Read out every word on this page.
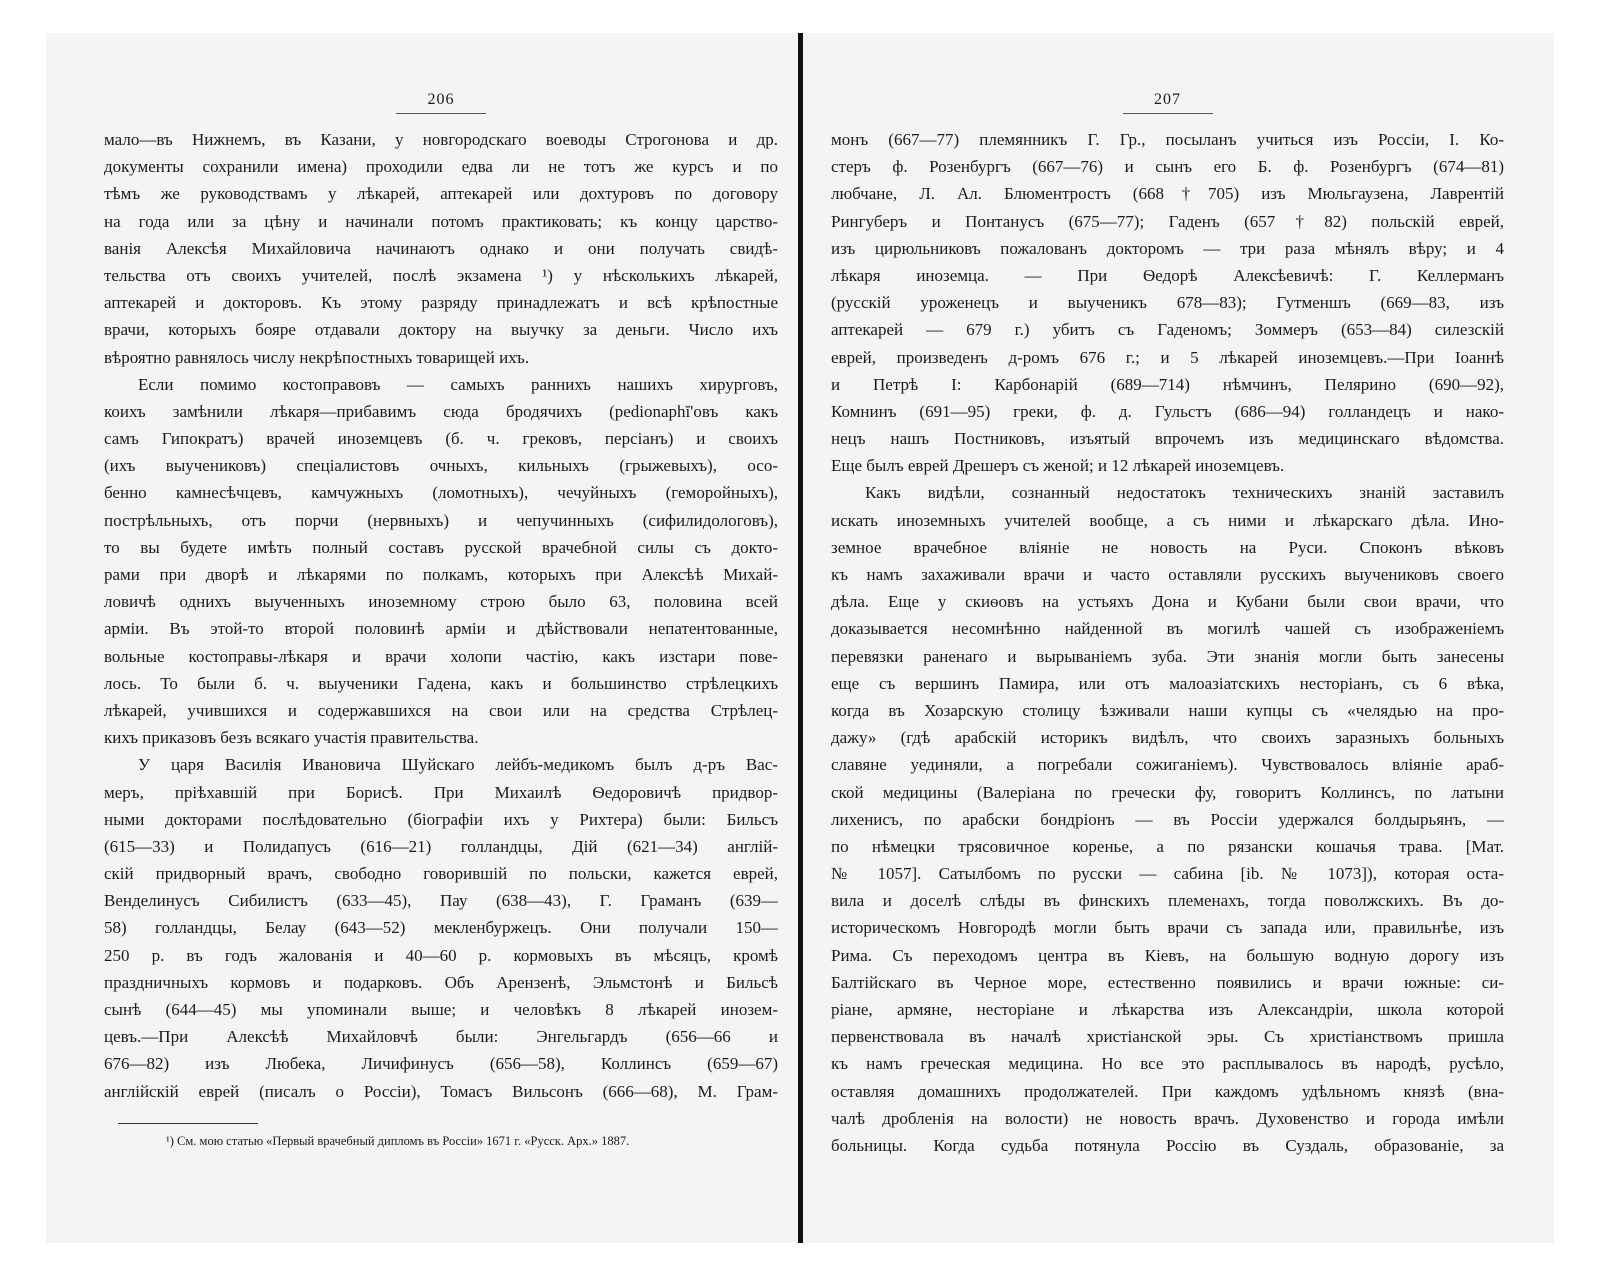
206
мало—въ Нижнемъ, въ Казани, у новгородскаго воеводы Строгонова и др.
документы сохранили имена) проходили едва ли не тотъ же курсъ и по
тѣмъ же руководствамъ у лѣкарей, аптекарей или дохтуровъ по договору
на года или за цѣну и начинали потомъ практиковать; къ концу царство-
ванія Алексѣя Михайловича начинаютъ однако и они получать свидѣ-
тельства отъ своихъ учителей, послѣ экзамена ¹) у нѣсколькихъ лѣкарей,
аптекарей и докторовъ. Къ этому разряду принадлежатъ и всѣ крѣпостные
врачи, которыхъ бояре отдавали доктору на выучку за деньги. Число ихъ
вѣроятно равнялось числу некрѣпостныхъ товарищей ихъ.
Если помимо костоправовъ — самыхъ раннихъ нашихъ хирурговъ,
коихъ замѣнили лѣкаря—прибавимъ сюда бродячихъ (pedionaphĭ'овъ какъ
самъ Гипократъ) врачей иноземцевъ (б. ч. грековъ, персіанъ) и своихъ
(ихъ выучениковъ) спеціалистовъ очныхъ, кильныхъ (грыжевыхъ), осо-
бенно камнесѣчцевъ, камчужныхъ (ломотныхъ), чечуйныхъ (геморойныхъ),
пострѣльныхъ, отъ порчи (нервныхъ) и чепучинныхъ (сифилидологовъ),
то вы будете имѣть полный составъ русской врачебной силы съ докто-
рами при дворѣ и лѣкарями по полкамъ, которыхъ при Алексѣѣ Михай-
ловичѣ однихъ выученныхъ иноземному строю было 63, половина всей
арміи. Въ этой-то второй половинѣ арміи и дѣйствовали непатентованные,
вольные костоправы-лѣкаря и врачи холопи частію, какъ изстари пове-
лось. То были б. ч. выученики Гадена, какъ и большинство стрѣлецкихъ
лѣкарей, учившихся и содержавшихся на свои или на средства Стрѣлец-
кихъ приказовъ безъ всякаго участія правительства.
У царя Василія Ивановича Шуйскаго лейбъ-медикомъ былъ д-ръ Вас-
меръ, пріѣхавшій при Борисѣ. При Михаилѣ Ѳедоровичѣ придвор-
ными докторами послѣдовательно (біографіи ихъ у Рихтера) были: Бильсъ
(615—33) и Полидапусъ (616—21) голландцы, Дій (621—34) англій-
скій придворный врачъ, свободно говорившій по польски, кажется еврей,
Венделинусъ Сибилистъ (633—45), Пау (638—43), Г. Граманъ (639—
58) голландцы, Белау (643—52) мекленбуржецъ. Они получали 150—
250 р. въ годъ жалованія и 40—60 р. кормовыхъ въ мѣсяцъ, кромѣ
праздничныхъ кормовъ и подарковъ. Объ Арензенѣ, Эльмстонѣ и Бильсѣ
сынѣ (644—45) мы упоминали выше; и человѣкъ 8 лѣкарей инозем-
цевъ.—При Алексѣѣ Михайловчѣ были: Энгельгардъ (656—66 и
676—82) изъ Любека, Личифинусъ (656—58), Коллинсъ (659—67)
англійскій еврей (писалъ о Россіи), Томасъ Вильсонъ (666—68), М. Грам-
¹) См. мою статью «Первый врачебный дипломъ въ Россіи» 1671 г. «Русск. Арх.» 1887.
207
монъ (667—77) племянникъ Г. Гр., посыланъ учиться изъ Россіи, І. Ко-
стеръ ф. Розенбургъ (667—76) и сынъ его Б. ф. Розенбургъ (674—81)
любчане, Л. Ал. Блюментростъ (668†705) изъ Мюльгаузена, Лаврентій
Рингуберъ и Понтанусъ (675—77); Гаденъ (657†82) польскій еврей,
изъ цирюльниковъ пожалованъ докторомъ — три раза мѣнялъ вѣру; и 4
лѣкаря иноземца. — При Ѳедорѣ Алексѣевичѣ: Г. Келлерманъ
(русскій уроженецъ и выученикъ 678—83); Гутменшъ (669—83, изъ
аптекарей — 679 г.) убитъ съ Гаденомъ; Зоммеръ (653—84) силезскій
еврей, произведенъ д-ромъ 676 г.; и 5 лѣкарей иноземцевъ.—При Іоаннѣ
и Петрѣ I: Карбонарій (689—714) нѣмчинъ, Пелярино (690—92),
Комнинъ (691—95) греки, ф. д. Гульстъ (686—94) голландецъ и нако-
нецъ нашъ Постниковъ, изъятый впрочемъ изъ медицинскаго вѣдомства.
Еще былъ еврей Дрешеръ съ женой; и 12 лѣкарей иноземцевъ.
Какъ видѣли, сознанный недостатокъ техническихъ знаній заставилъ
искать иноземныхъ учителей вообще, а съ ними и лѣкарскаго дѣла. Ино-
земное врачебное вліяніе не новость на Руси. Споконъ вѣковъ
къ намъ захаживали врачи и часто оставляли русскихъ выучениковъ своего
дѣла. Еще у скиѳовъ на устьяхъ Дона и Кубани были свои врачи, что
доказывается несомнѣнно найденной въ могилѣ чашей съ изображеніемъ
перевязки раненаго и вырываніемъ зуба. Эти знанія могли быть занесены
еще съ вершинъ Памира, или отъ малоазіатскихъ несторіанъ, съ 6 вѣка,
когда въ Хозарскую столицу ѣзживали наши купцы съ «челядью на про-
дажу» (гдѣ арабскій историкъ видѣлъ, что своихъ заразныхъ больныхъ
славяне уединяли, а погребали сожиганіемъ). Чувствовалось вліяніе араб-
ской медицины (Валеріана по гречески фу, говоритъ Коллинсъ, по латыни
лихенисъ, по арабски бондріонъ — въ Россіи удержался болдырьянъ, —
по нѣмецки трясовичное коренье, а по рязански кошачья трава. [Мат.
№ 1057]. Сатылбомъ по русски — сабина [ib. № 1073]), которая оста-
вила и доселѣ слѣды въ финскихъ племенахъ, тогда поволжскихъ. Въ до-
историческомъ Новгородѣ могли быть врачи съ запада или, правильнѣе, изъ
Рима. Съ переходомъ центра въ Кіевъ, на большую водную дорогу изъ
Балтійскаго въ Черное море, естественно появились и врачи южные: си-
ріане, армяне, несторіане и лѣкарства изъ Александріи, школа которой
первенствовала въ началѣ христіанской эры. Съ христіанствомъ пришла
къ намъ греческая медицина. Но все это расплывалось въ народѣ, русѣло,
оставляя домашнихъ продолжателей. При каждомъ удѣльномъ князѣ (вна-
чалѣ дробленія на волости) не новость врачъ. Духовенство и города имѣли
больницы. Когда судьба потянула Россію въ Суздаль, образованіе, за
